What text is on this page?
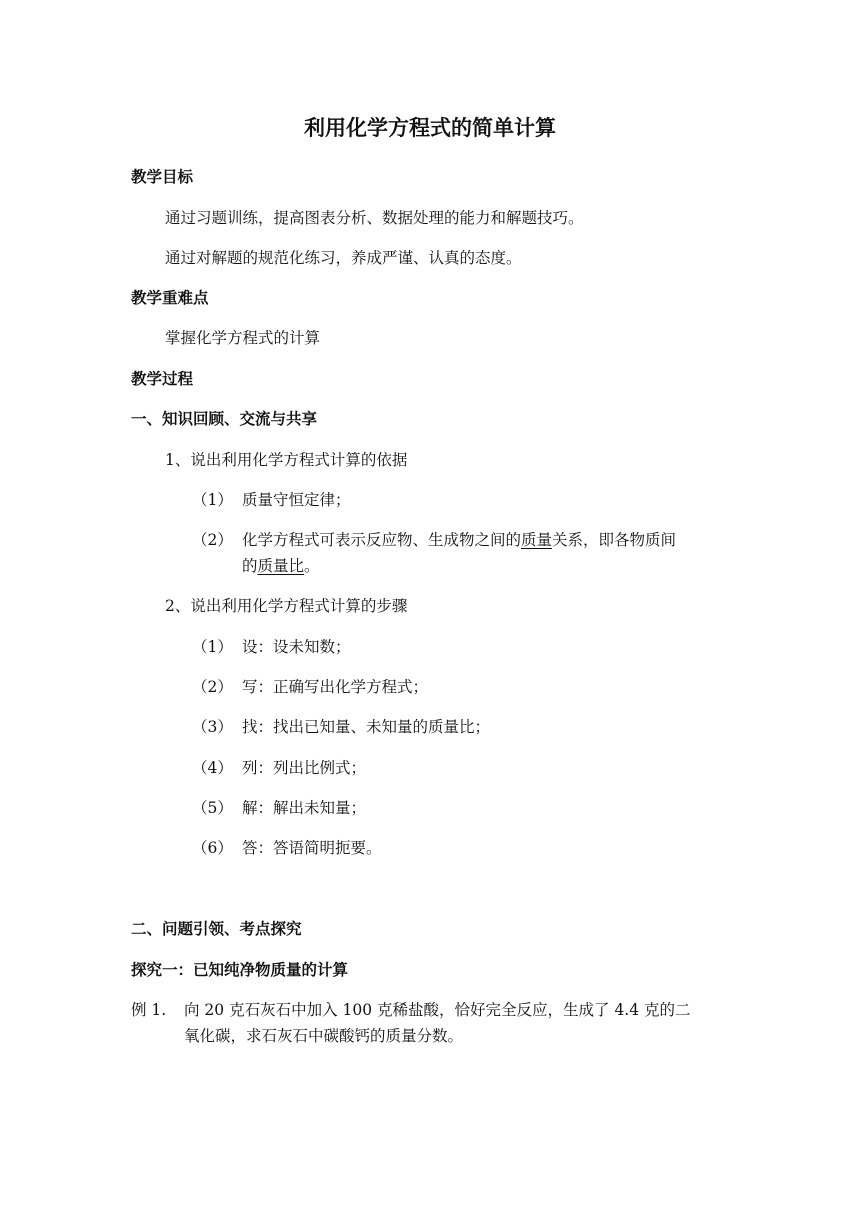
利用化学方程式的简单计算
教学目标
通过习题训练，提高图表分析、数据处理的能力和解题技巧。
通过对解题的规范化练习，养成严谨、认真的态度。
教学重难点
掌握化学方程式的计算
教学过程
一、知识回顾、交流与共享
1、说出利用化学方程式计算的依据
（1） 质量守恒定律；
（2） 化学方程式可表示反应物、生成物之间的质量关系，即各物质间
的质量比。
2、说出利用化学方程式计算的步骤
（1） 设：设未知数；
（2） 写：正确写出化学方程式；
（3） 找：找出已知量、未知量的质量比；
（4） 列：列出比例式；
（5） 解：解出未知量；
（6） 答：答语简明扼要。
二、问题引领、考点探究
探究一：已知纯净物质量的计算
例 1. 向 20 克石灰石中加入 100 克稀盐酸，恰好完全反应，生成了 4.4 克的二
氧化碳，求石灰石中碳酸钙的质量分数。
